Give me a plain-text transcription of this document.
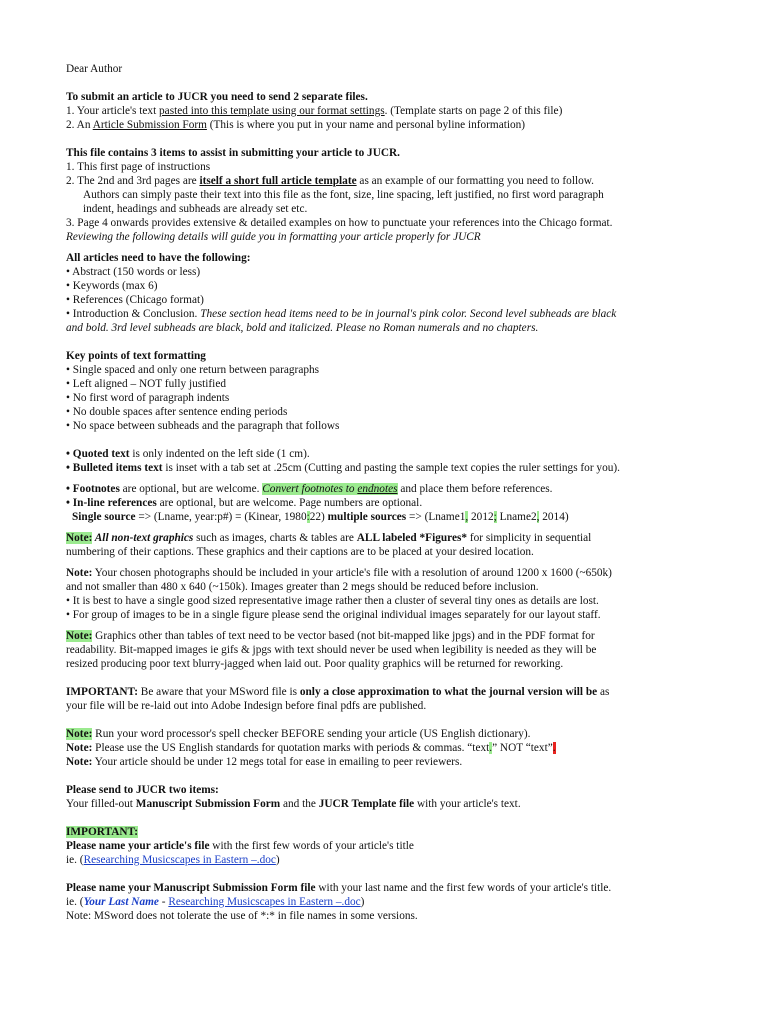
Dear Author
To submit an article to JUCR you need to send 2 separate files.
1. Your article's text pasted into this template using our format settings. (Template starts on page 2 of this file)
2. An Article Submission Form (This is where you put in your name and personal byline information)
This file contains 3 items to assist in submitting your article to JUCR.
1. This first page of instructions
2. The 2nd and 3rd pages are itself a short full article template as an example of our formatting you need to follow.
Authors can simply paste their text into this file as the font, size, line spacing, left justified, no first word paragraph
indent, headings and subheads are already set etc.
3. Page 4 onwards provides extensive & detailed examples on how to punctuate your references into the Chicago format.
Reviewing the following details will guide you in formatting your article properly for JUCR
All articles need to have the following:
• Abstract (150 words or less)
• Keywords (max 6)
• References (Chicago format)
• Introduction & Conclusion. These section head items need to be in journal's pink color. Second level subheads are black
and bold. 3rd level subheads are black, bold and italicized. Please no Roman numerals and no chapters.
Key points of text formatting
• Single spaced and only one return between paragraphs
• Left aligned – NOT fully justified
• No first word of paragraph indents
• No double spaces after sentence ending periods
• No space between subheads and the paragraph that follows
• Quoted text is only indented on the left side (1 cm).
• Bulleted items text is inset with a tab set at .25cm (Cutting and pasting the sample text copies the ruler settings for you).
• Footnotes are optional, but are welcome. Convert footnotes to endnotes and place them before references.
• In-line references are optional, but are welcome. Page numbers are optional.
Single source => (Lname, year:p#) = (Kinear, 1980:22) multiple sources => (Lname1, 2012; Lname2, 2014)
Note: All non-text graphics such as images, charts & tables are ALL labeled *Figures* for simplicity in sequential
numbering of their captions. These graphics and their captions are to be placed at your desired location.
Note: Your chosen photographs should be included in your article's file with a resolution of around 1200 x 1600 (~650k)
and not smaller than 480 x 640 (~150k). Images greater than 2 megs should be reduced before inclusion.
• It is best to have a single good sized representative image rather then a cluster of several tiny ones as details are lost.
• For group of images to be in a single figure please send the original individual images separately for our layout staff.
Note: Graphics other than tables of text need to be vector based (not bit-mapped like jpgs) and in the PDF format for
readability. Bit-mapped images ie gifs & jpgs with text should never be used when legibility is needed as they will be
resized producing poor text blurry-jagged when laid out. Poor quality graphics will be returned for reworking.
IMPORTANT: Be aware that your MSword file is only a close approximation to what the journal version will be as
your file will be re-laid out into Adobe Indesign before final pdfs are published.
Note: Run your word processor's spell checker BEFORE sending your article (US English dictionary).
Note: Please use the US English standards for quotation marks with periods & commas. “text.” NOT “text”.
Note: Your article should be under 12 megs total for ease in emailing to peer reviewers.
Please send to JUCR two items:
Your filled-out Manuscript Submission Form and the JUCR Template file with your article's text.
IMPORTANT:
Please name your article's file with the first few words of your article's title
ie. (Researching Musicscapes in Eastern –.doc)
Please name your Manuscript Submission Form file with your last name and the first few words of your article's title.
ie. (Your Last Name - Researching Musicscapes in Eastern –.doc)
Note: MSword does not tolerate the use of *:* in file names in some versions.
